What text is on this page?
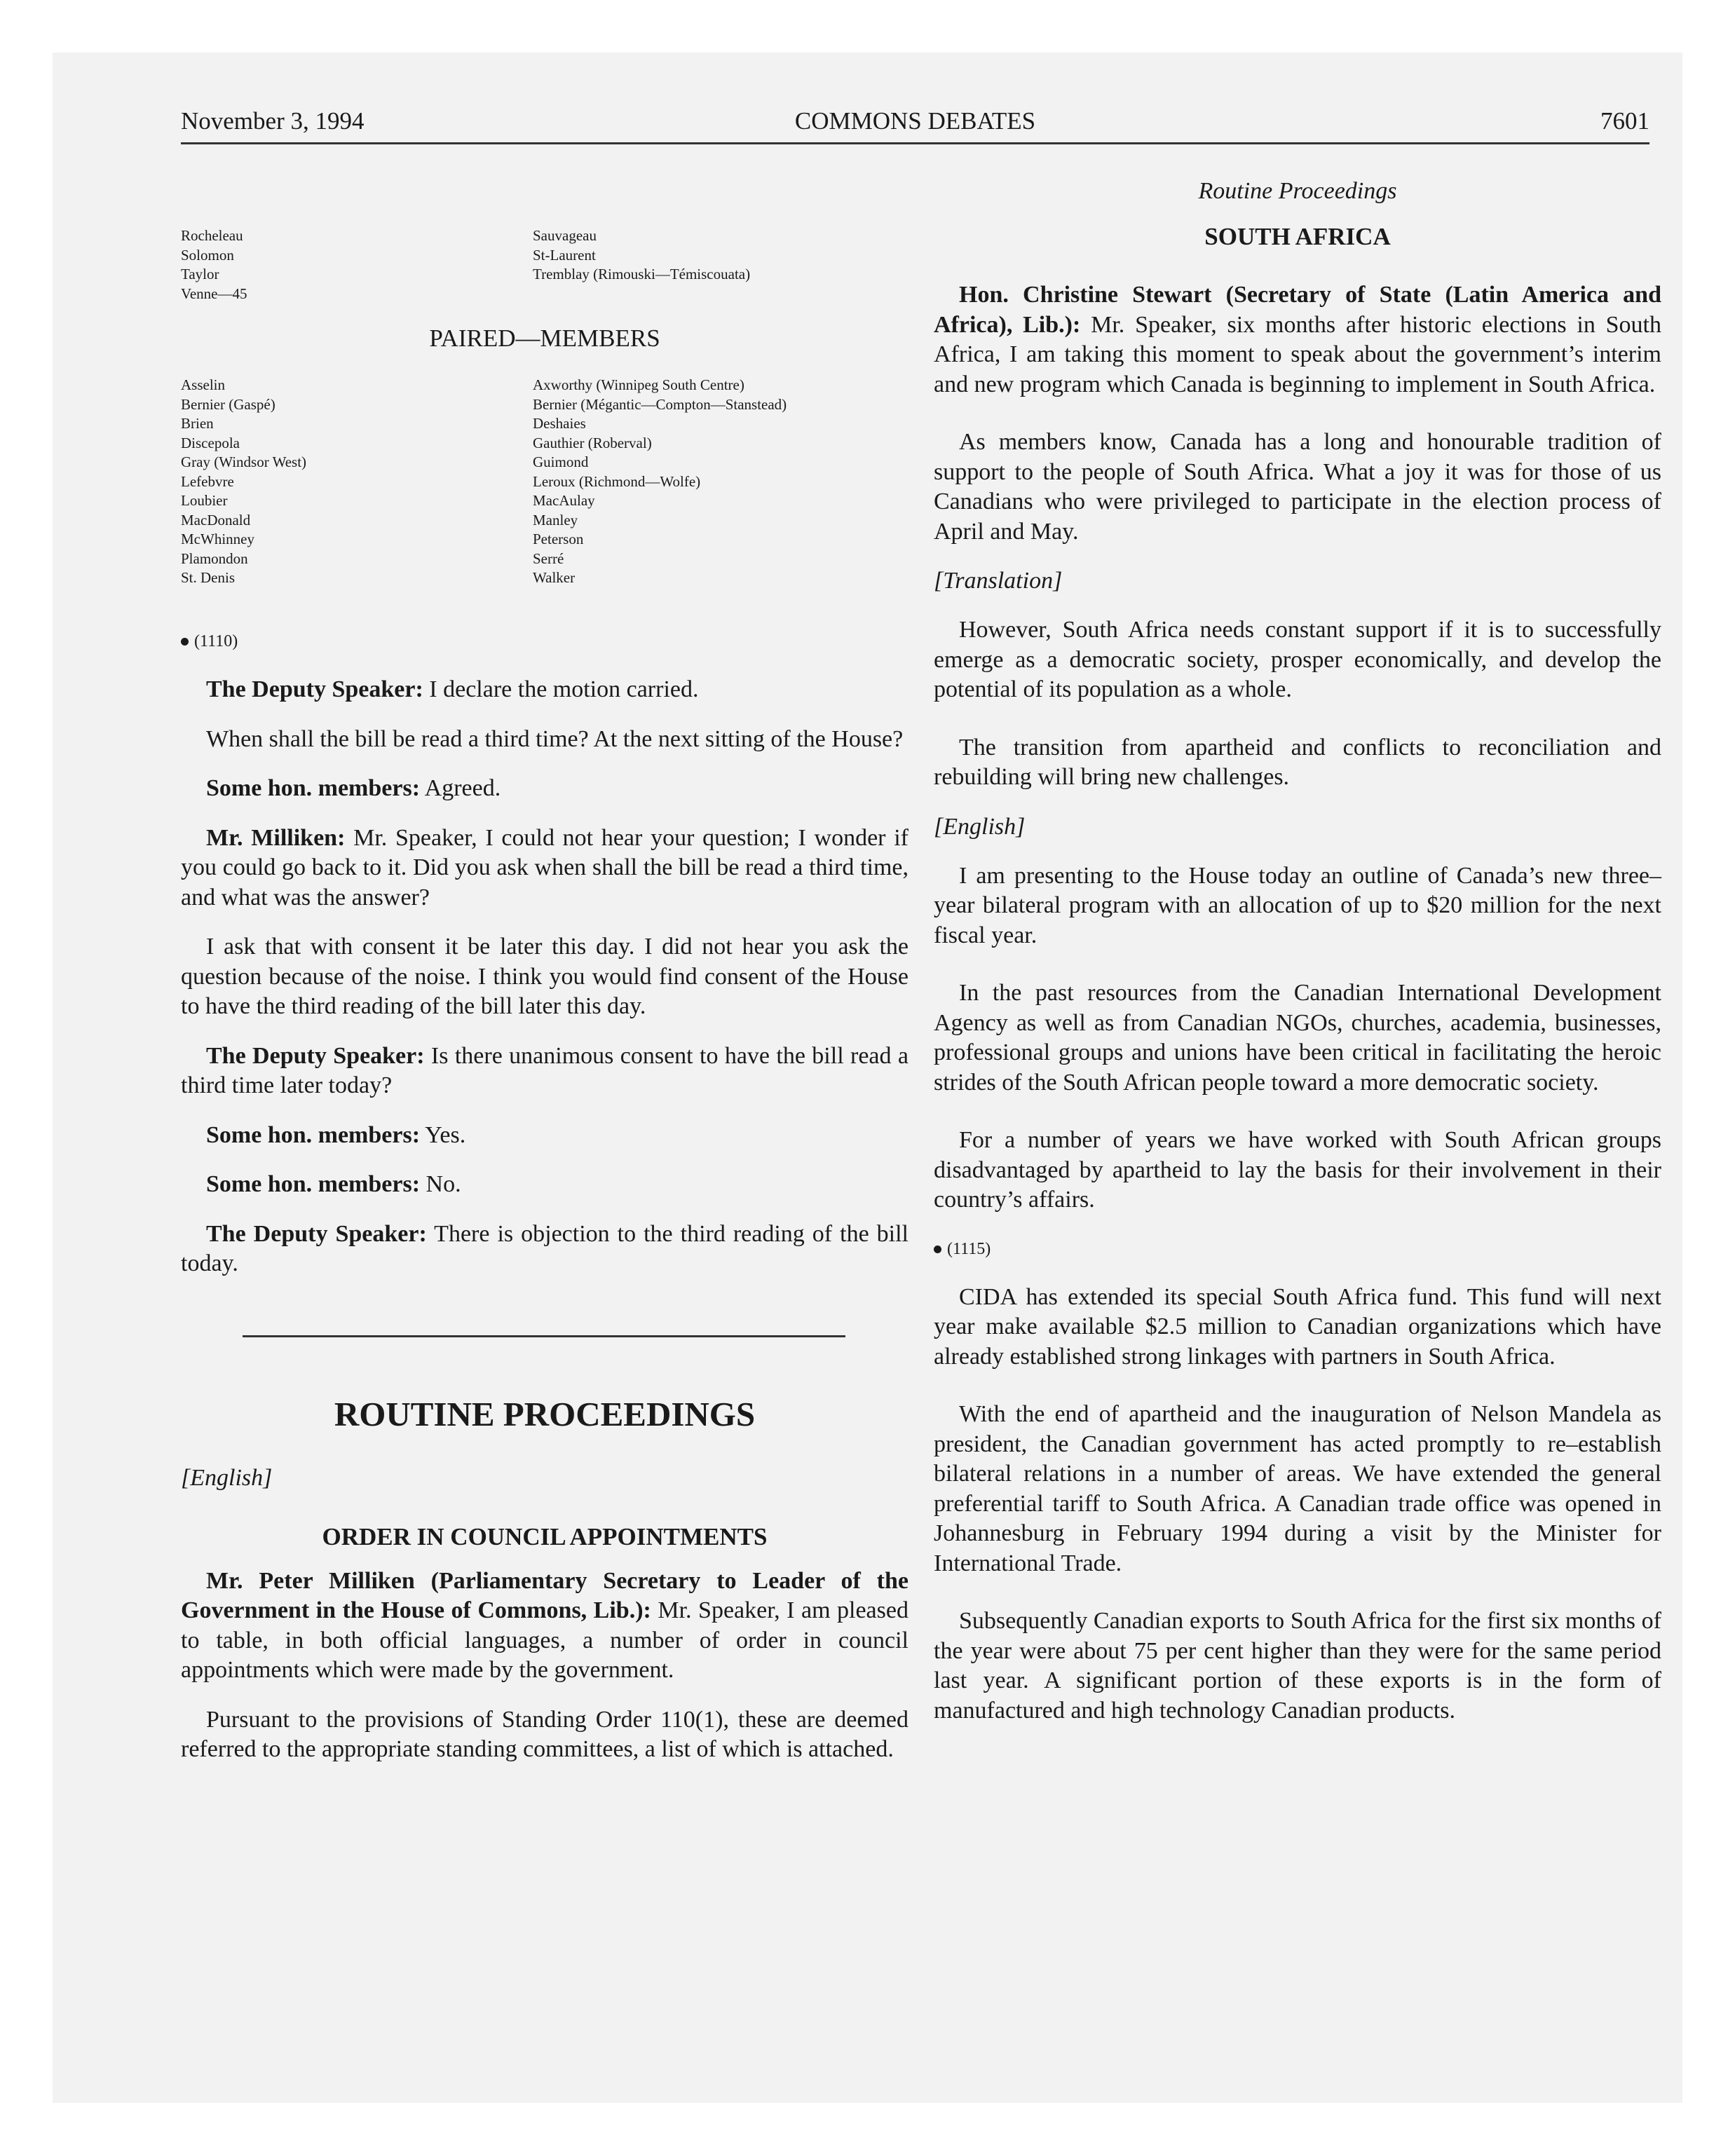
November 3, 1994	COMMONS DEBATES	7601
Rocheleau
Solomon
Taylor
Venne—45
Sauvageau
St-Laurent
Tremblay (Rimouski—Témiscouata)
PAIRED—MEMBERS
Asselin
Bernier (Gaspé)
Brien
Discepola
Gray (Windsor West)
Lefebvre
Loubier
MacDonald
McWhinney
Plamondon
St. Denis
Axworthy (Winnipeg South Centre)
Bernier (Mégantic—Compton—Stanstead)
Deshaies
Gauthier (Roberval)
Guimond
Leroux (Richmond—Wolfe)
MacAulay
Manley
Peterson
Serré
Walker
(1110)

The Deputy Speaker: I declare the motion carried.

When shall the bill be read a third time? At the next sitting of the House?

Some hon. members: Agreed.

Mr. Milliken: Mr. Speaker, I could not hear your question; I wonder if you could go back to it. Did you ask when shall the bill be read a third time, and what was the answer?

I ask that with consent it be later this day. I did not hear you ask the question because of the noise. I think you would find consent of the House to have the third reading of the bill later this day.

The Deputy Speaker: Is there unanimous consent to have the bill read a third time later today?

Some hon. members: Yes.

Some hon. members: No.

The Deputy Speaker: There is objection to the third reading of the bill today.

ROUTINE PROCEEDINGS
[English]
ORDER IN COUNCIL APPOINTMENTS

Mr. Peter Milliken (Parliamentary Secretary to Leader of the Government in the House of Commons, Lib.): Mr. Speaker, I am pleased to table, in both official languages, a number of order in council appointments which were made by the government.

Pursuant to the provisions of Standing Order 110(1), these are deemed referred to the appropriate standing committees, a list of which is attached.

Routine Proceedings
SOUTH AFRICA

Hon. Christine Stewart (Secretary of State (Latin America and Africa), Lib.): Mr. Speaker, six months after historic elections in South Africa, I am taking this moment to speak about the government’s interim and new program which Canada is beginning to implement in South Africa.

As members know, Canada has a long and honourable tradition of support to the people of South Africa. What a joy it was for those of us Canadians who were privileged to participate in the election process of April and May.

[Translation]

However, South Africa needs constant support if it is to successfully emerge as a democratic society, prosper economically, and develop the potential of its population as a whole.

The transition from apartheid and conflicts to reconciliation and rebuilding will bring new challenges.

[English]

I am presenting to the House today an outline of Canada’s new three–year bilateral program with an allocation of up to $20 million for the next fiscal year.

In the past resources from the Canadian International Development Agency as well as from Canadian NGOs, churches, academia, businesses, professional groups and unions have been critical in facilitating the heroic strides of the South African people toward a more democratic society.

For a number of years we have worked with South African groups disadvantaged by apartheid to lay the basis for their involvement in their country’s affairs.

(1115)

CIDA has extended its special South Africa fund. This fund will next year make available $2.5 million to Canadian organizations which have already established strong linkages with partners in South Africa.

With the end of apartheid and the inauguration of Nelson Mandela as president, the Canadian government has acted promptly to re–establish bilateral relations in a number of areas. We have extended the general preferential tariff to South Africa. A Canadian trade office was opened in Johannesburg in February 1994 during a visit by the Minister for International Trade.

Subsequently Canadian exports to South Africa for the first six months of the year were about 75 per cent higher than they were for the same period last year. A significant portion of these exports is in the form of manufactured and high technology Canadian products.
